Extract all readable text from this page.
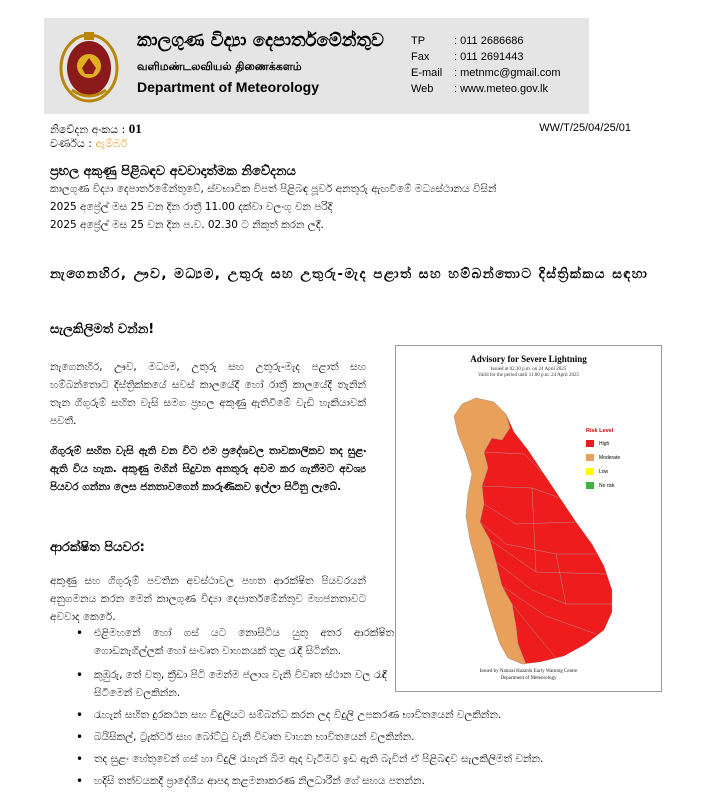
කාලගුණ විද්‍යා දෙපාර්තමේන්තුව
வளிமண்டலவியல் திணைக்களம்
Department of Meteorology
TP	: 011 2686686
Fax	: 011 2691443
E-mail	: metnmc@gmail.com
Web	: www.meteo.gov.lk
නිවේදන අංකය : 01
වර්ණය : ඇම්බර්
WW/T/25/04/25/01
ප්‍රභල අකුණු පිළිබඳව අවවාදාත්මක නිවේදනය
කාලගුණ විද්‍යා දෙපාර්තමේන්තුවේ, ස්වභාවික විපත් පිළිබඳ පූර්ව අනතුරු ඇඟවීමේ මධ්‍යස්ථානය විසින්
2025 අප්‍රේල් මස 25 වන දින රාත්‍රී 11.00 දක්වා වලංගු වන පරිදි
2025 අප්‍රේල් මස 25 වන දින ප.ව. 02.30 ට නිකුත් කරන ලදී.
නැගෙනහිර, ඌව, මධ්‍යම, උතුරු සහ උතුරු-මැද පළාත් සහ හම්බන්තොට දිස්ත්‍රික්කය සඳහා
සැලකිලිමත් වන්න!
නැගෙනහිර, ඌව, මධ්‍යම, උතුරු සහ උතුරු-මැද පළාත් සහ හම්බන්තොට දිස්ත්‍රික්කයේ සවස් කාලයේදී හෝ රාත්‍රී කාලයේදී තැනින් තැන ගිගුරුම් සහිත වැසි සමග ප්‍රභල අකුණු ඇතිවීමේ වැඩි හැකියාවක් පවතී.
ගිගුරුම් සහිත වැසි ඇති වන විට එම ප්‍රදේශවල තාවකාලිකව තද සුළං ඇති විය හැක. අකුණු මගින් සිදුවන අනතුරු අවම කර ගැනීමට අවශ්‍ය පියවර ගන්නා ලෙස ජනතාවගෙන් කාරුණිකව ඉල්ලා සිටිනු ලැබේ.
ආරක්ෂිත පියවර:
අකුණු සහ ගිගුරුම් පවතින අවස්ථාවල පහත ආරක්ෂිත පියවරයන් අනුගමනය කරන මෙන් කාලගුණ විද්‍යා දෙපාර්තමේන්තුව මහජනතාවට අවවාද කෙරේ.
• එළිමහනේ හෝ ගස් යට නොසිටිය යුතු අතර ආරක්ෂිත ගොඩනැගිල්ලක් හෝ සංවෘත වාහනයක් තුළ රැඳී සිටින්න.
• කුඹුරු, තේ වතු, ක්‍රීඩා පිටි මෙන්ම ජලාශ වැනි විවෘත ස්ථාන වල රැඳී සිටීමෙන් වලකින්න.
• රැහැන් සහිත දුරකථන සහ විදුලියට සම්බන්ධ කරන ලද විදුලි උපකරණ භාවිතයෙන් වලකින්න.
• බයිසිකල්, ට්‍රැක්ටර් සහ බෝට්ටු වැනි විවෘත වාහන භාවිතයෙන් වලකින්න.
• තද සුළං හේතුවෙන් ගස් හා විදුලි රැහැන් බිම ඇද වැටීමට ඉඩ ඇති බැවින් ඒ පිළිබඳව සැලකිලිමත් වන්න.
• හදිසි තත්වයකදී ප්‍රාදේශීය ආපදා කළමනාකරණ නිලධාරීන් ගේ සහය පතන්න.
Advisory for Severe Lightning
Issued at 02.30 p.m. on 24 April 2025
Valid for the period until 11.00 p.m. 24 April 2025
Risk Level
High
Moderate
Low
No risk
Issued by Natural Hazards Early Warning Centre
Department of Meteorology
